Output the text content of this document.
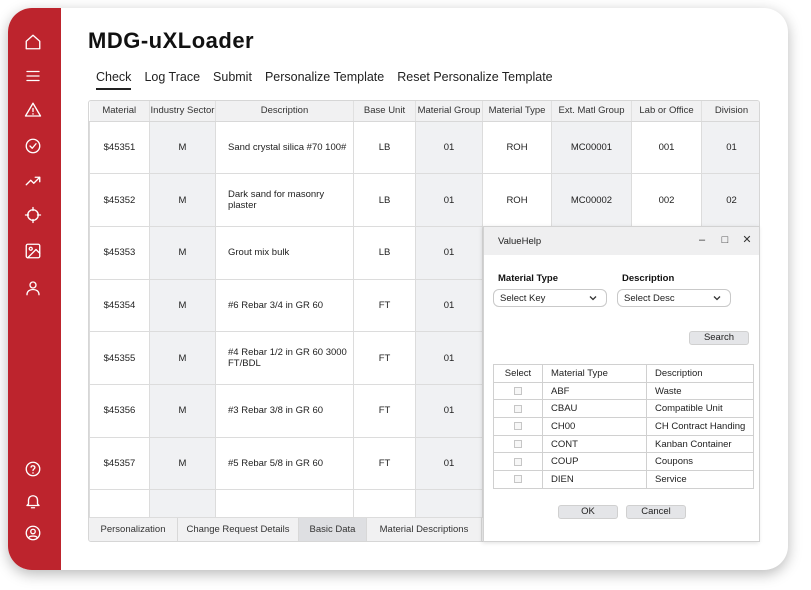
MDG-uXLoader
Check Log Trace Submit Personalize Template Reset Personalize Template
Material	Industry Sector	Description	Base Unit	Material Group	Material Type	Ext. Matl Group	Lab or Office	Division
$45351	M	Sand crystal silica #70 100#	LB	01	ROH	MC00001	001	01
$45352	M	Dark sand for masonry plaster	LB	01	ROH	MC00002	002	02
$45353	M	Grout mix bulk	LB	01				
$45354	M	#6 Rebar 3/4 in GR 60	FT	01				
$45355	M	#4 Rebar 1/2 in GR 60 3000 FT/BDL	FT	01				
$45356	M	#3 Rebar 3/8 in GR 60	FT	01				
$45357	M	#5 Rebar 5/8 in GR 60	FT	01				

Personalization	Change Request Details	Basic Data	Material Descriptions
ValueHelp	–	□	✕
Material Type	Description
Select Key	Select Desc
Search
Select	Material Type	Description
	ABF	Waste
	CBAU	Compatible Unit
	CH00	CH Contract Handing
	CONT	Kanban Container
	COUP	Coupons
	DIEN	Service
OK	Cancel
